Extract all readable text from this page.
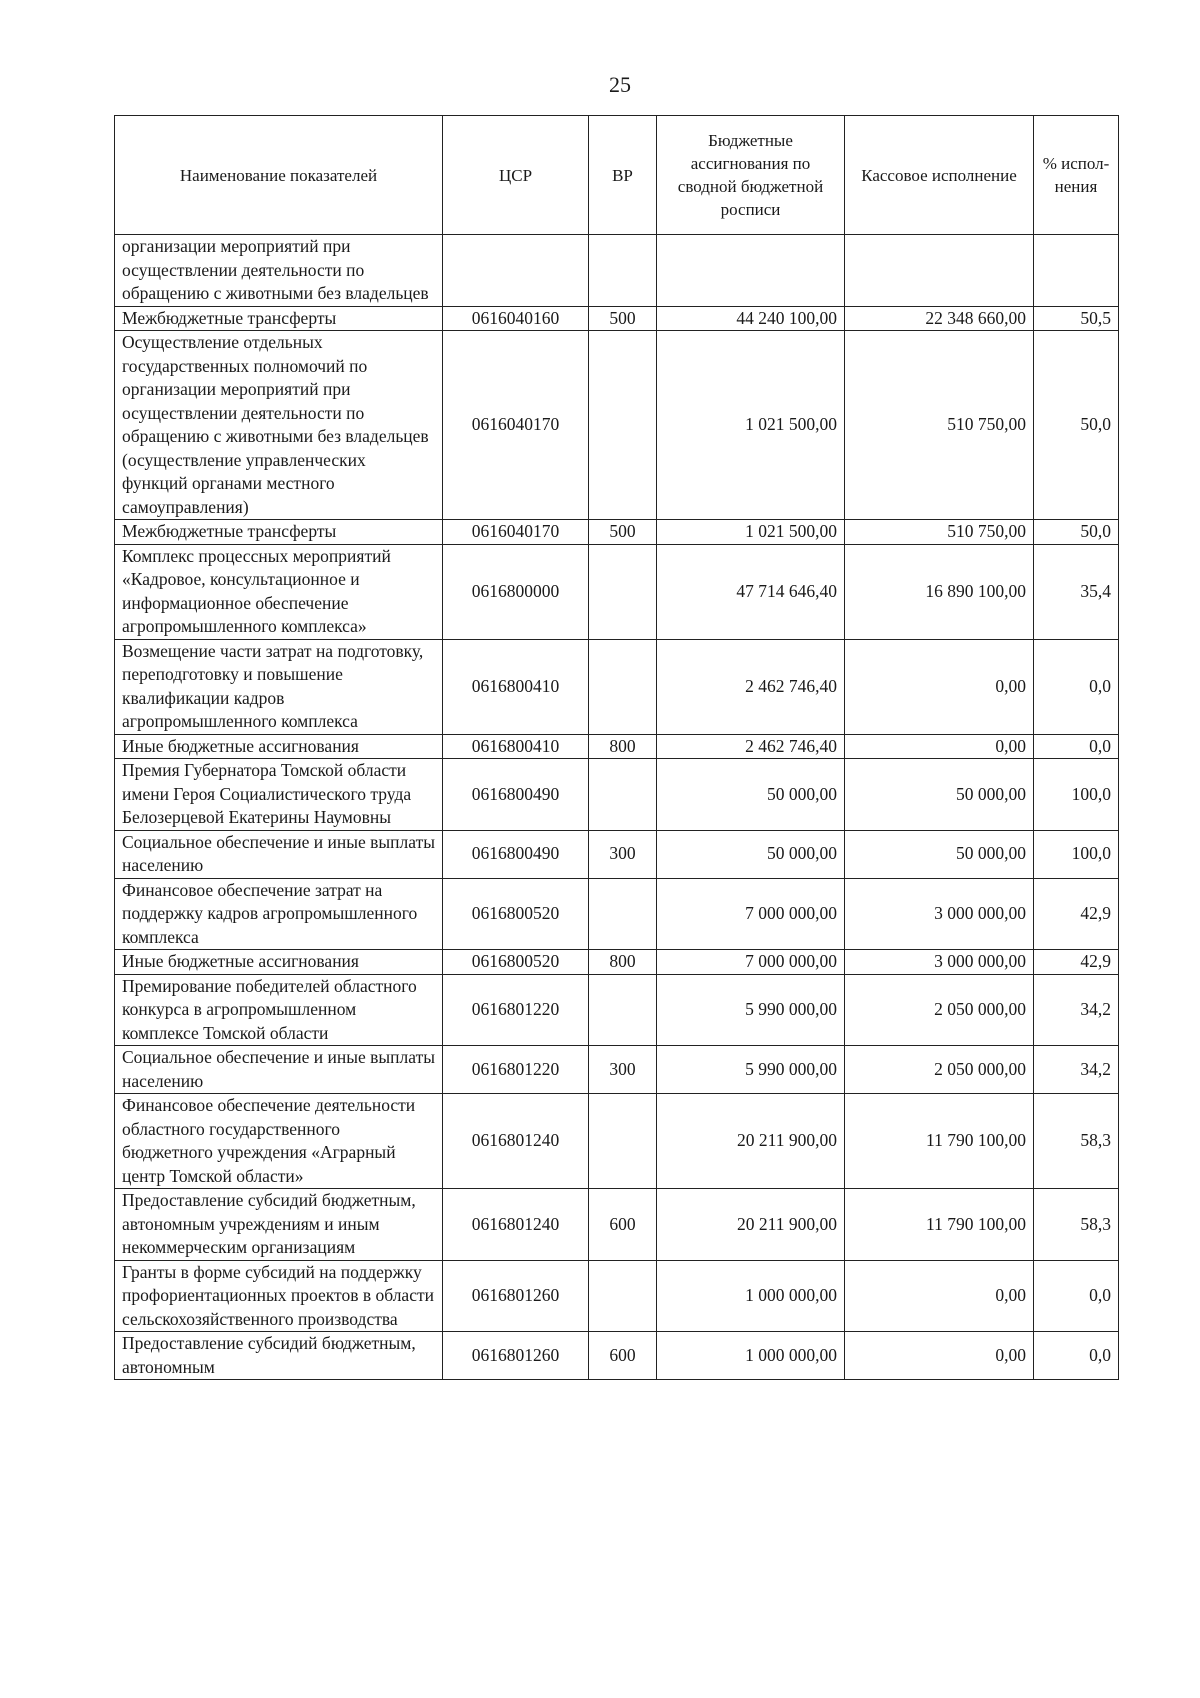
25
Наименование показателей	ЦСР	ВР	Бюджетные ассигнования по сводной бюджетной росписи	Кассовое исполнение	% испол-нения
организации мероприятий при осуществлении деятельности по обращению с животными без владельцев					
Межбюджетные трансферты	0616040160	500	44 240 100,00	22 348 660,00	50,5
Осуществление отдельных государственных полномочий по организации мероприятий при осуществлении деятельности по обращению с животными без владельцев (осуществление управленческих функций органами местного самоуправления)	0616040170		1 021 500,00	510 750,00	50,0
Межбюджетные трансферты	0616040170	500	1 021 500,00	510 750,00	50,0
Комплекс процессных мероприятий «Кадровое, консультационное и информационное обеспечение агропромышленного комплекса»	0616800000		47 714 646,40	16 890 100,00	35,4
Возмещение части затрат на подготовку, переподготовку и повышение квалификации кадров агропромышленного комплекса	0616800410		2 462 746,40	0,00	0,0
Иные бюджетные ассигнования	0616800410	800	2 462 746,40	0,00	0,0
Премия Губернатора Томской области имени Героя Социалистического труда Белозерцевой Екатерины Наумовны	0616800490		50 000,00	50 000,00	100,0
Социальное обеспечение и иные выплаты населению	0616800490	300	50 000,00	50 000,00	100,0
Финансовое обеспечение затрат на поддержку кадров агропромышленного комплекса	0616800520		7 000 000,00	3 000 000,00	42,9
Иные бюджетные ассигнования	0616800520	800	7 000 000,00	3 000 000,00	42,9
Премирование победителей областного конкурса в агропромышленном комплексе Томской области	0616801220		5 990 000,00	2 050 000,00	34,2
Социальное обеспечение и иные выплаты населению	0616801220	300	5 990 000,00	2 050 000,00	34,2
Финансовое обеспечение деятельности областного государственного бюджетного учреждения «Аграрный центр Томской области»	0616801240		20 211 900,00	11 790 100,00	58,3
Предоставление субсидий бюджетным, автономным учреждениям и иным некоммерческим организациям	0616801240	600	20 211 900,00	11 790 100,00	58,3
Гранты в форме субсидий на поддержку профориентационных проектов в области сельскохозяйственного производства	0616801260		1 000 000,00	0,00	0,0
Предоставление субсидий бюджетным, автономным	0616801260	600	1 000 000,00	0,00	0,0
